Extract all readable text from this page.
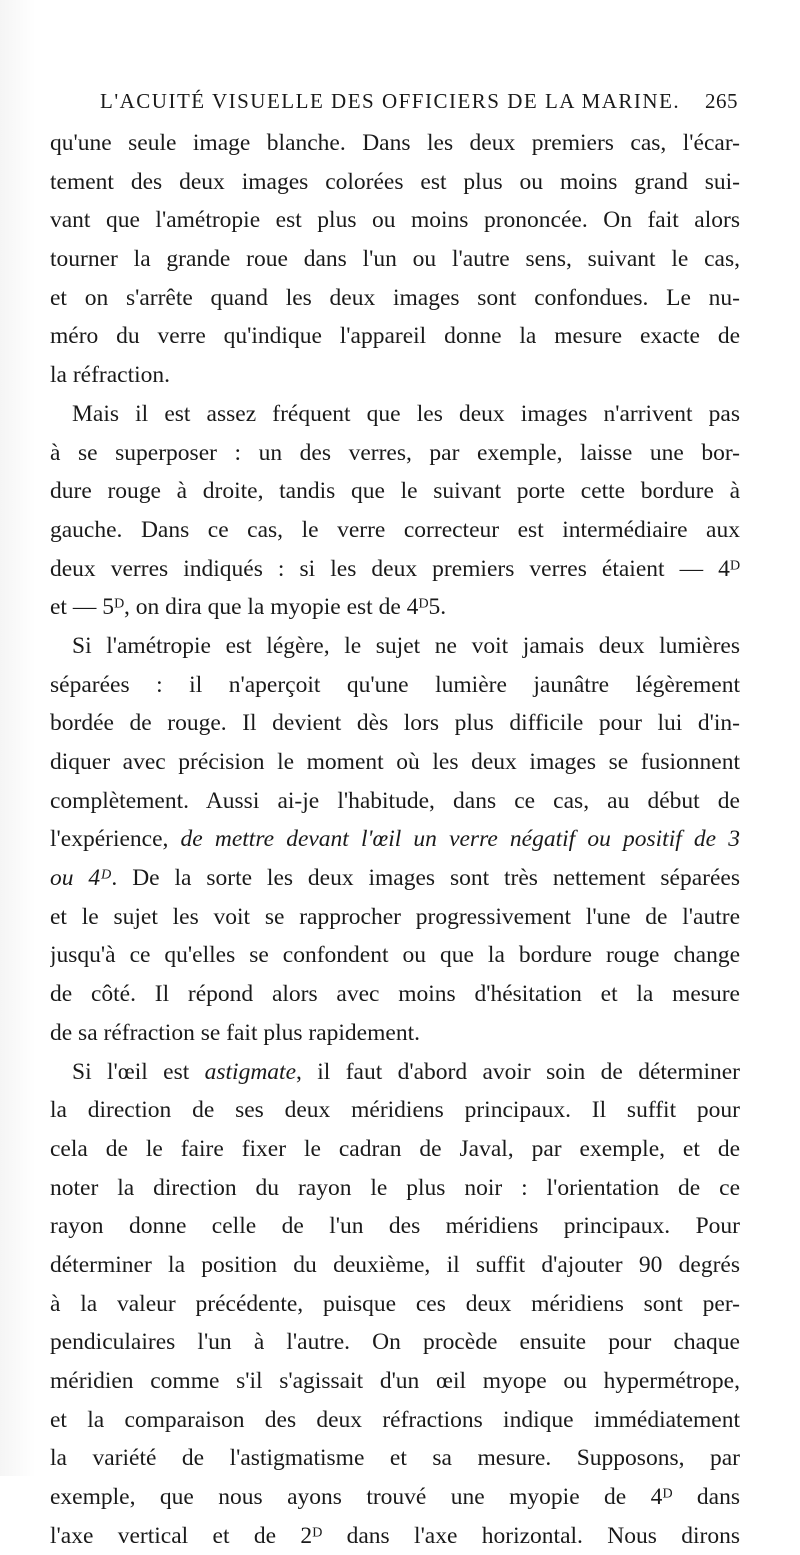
L'ACUITÉ VISUELLE DES OFFICIERS DE LA MARINE. 265
qu'une seule image blanche. Dans les deux premiers cas, l'écar-
tement des deux images colorées est plus ou moins grand sui-
vant que l'amétropie est plus ou moins prononcée. On fait alors
tourner la grande roue dans l'un ou l'autre sens, suivant le cas,
et on s'arrête quand les deux images sont confondues. Le nu-
méro du verre qu'indique l'appareil donne la mesure exacte de
la réfraction.
Mais il est assez fréquent que les deux images n'arrivent pas
à se superposer : un des verres, par exemple, laisse une bor-
dure rouge à droite, tandis que le suivant porte cette bordure à
gauche. Dans ce cas, le verre correcteur est intermédiaire aux
deux verres indiqués : si les deux premiers verres étaient — 4ᴰ
et — 5ᴰ, on dira que la myopie est de 4ᴰ5.
Si l'amétropie est légère, le sujet ne voit jamais deux lumières
séparées : il n'aperçoit qu'une lumière jaunâtre légèrement
bordée de rouge. Il devient dès lors plus difficile pour lui d'in-
diquer avec précision le moment où les deux images se fusionnent
complètement. Aussi ai-je l'habitude, dans ce cas, au début de
l'expérience, de mettre devant l'œil un verre négatif ou positif de 3
ou 4ᴰ. De la sorte les deux images sont très nettement séparées
et le sujet les voit se rapprocher progressivement l'une de l'autre
jusqu'à ce qu'elles se confondent ou que la bordure rouge change
de côté. Il répond alors avec moins d'hésitation et la mesure
de sa réfraction se fait plus rapidement.
Si l'œil est astigmate, il faut d'abord avoir soin de déterminer
la direction de ses deux méridiens principaux. Il suffit pour
cela de le faire fixer le cadran de Javal, par exemple, et de
noter la direction du rayon le plus noir : l'orientation de ce
rayon donne celle de l'un des méridiens principaux. Pour
déterminer la position du deuxième, il suffit d'ajouter 90 degrés
à la valeur précédente, puisque ces deux méridiens sont per-
pendiculaires l'un à l'autre. On procède ensuite pour chaque
méridien comme s'il s'agissait d'un œil myope ou hypermétrope,
et la comparaison des deux réfractions indique immédiatement
la variété de l'astigmatisme et sa mesure. Supposons, par
exemple, que nous ayons trouvé une myopie de 4ᴰ dans
l'axe vertical et de 2ᴰ dans l'axe horizontal. Nous dirons
